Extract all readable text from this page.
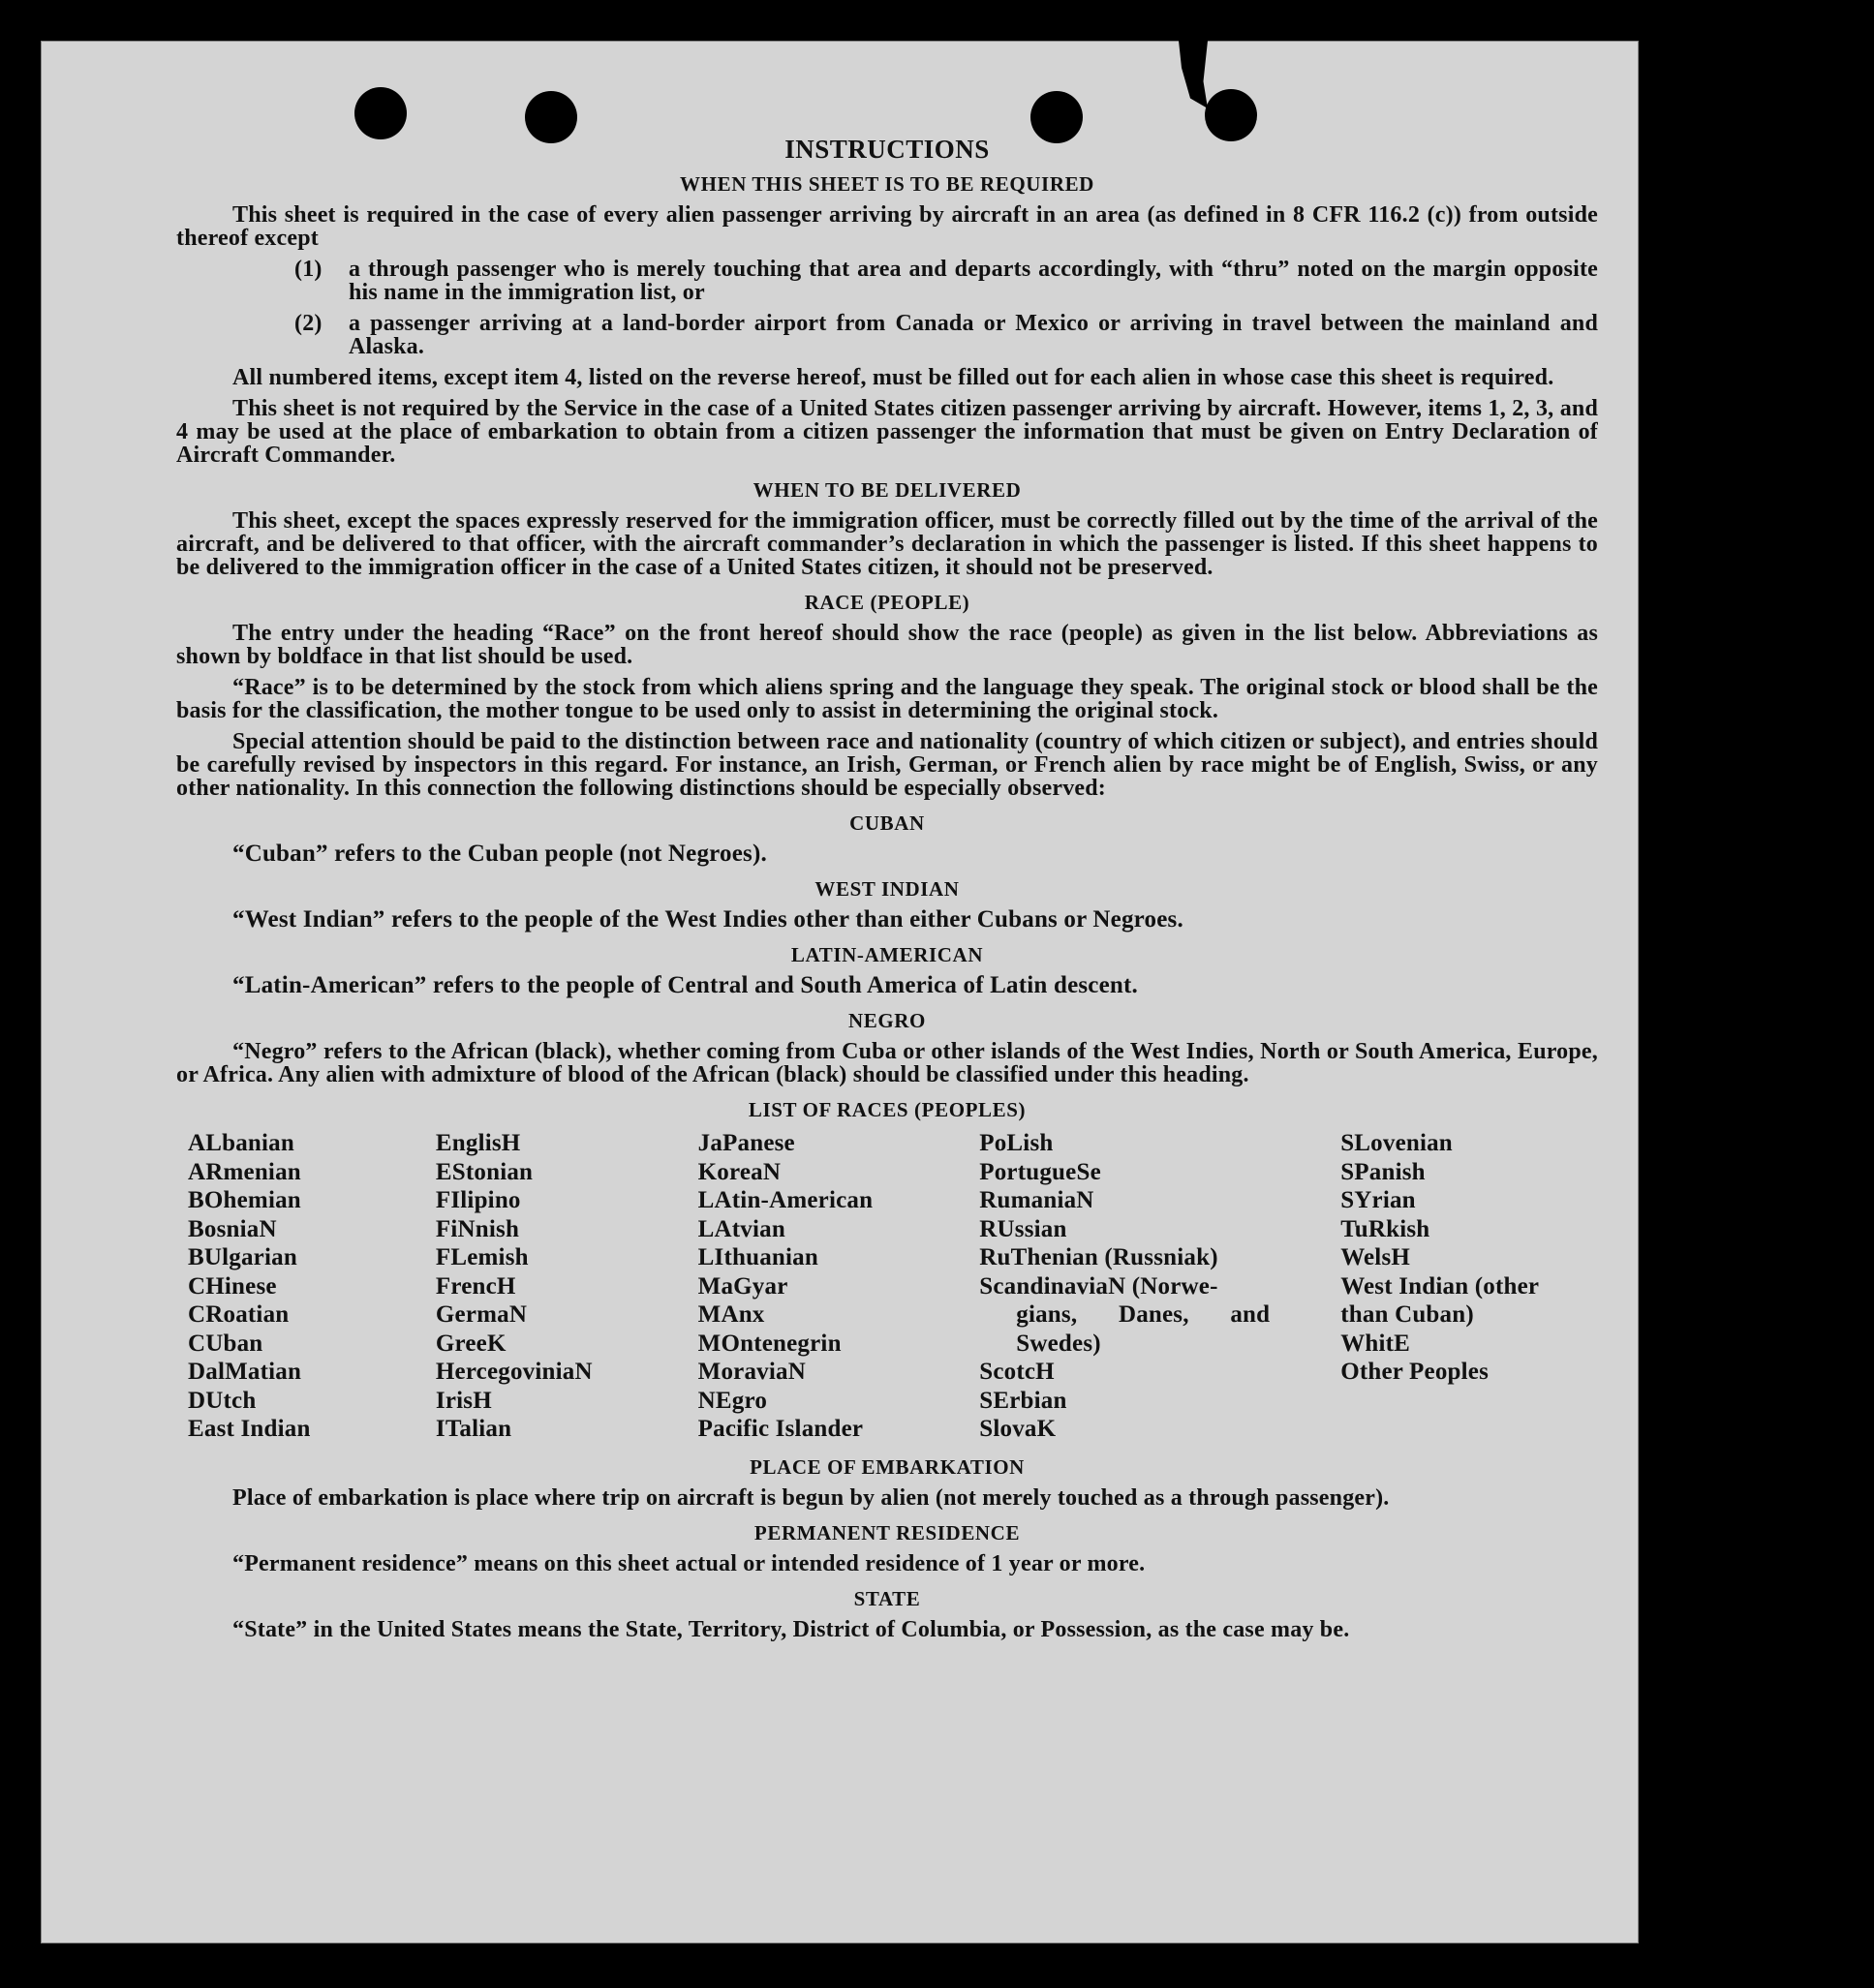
INSTRUCTIONS
WHEN THIS SHEET IS TO BE REQUIRED

This sheet is required in the case of every alien passenger arriving by aircraft in an area (as defined in 8 CFR 116.2 (c)) from outside thereof except

(1)	a through passenger who is merely touching that area and departs accordingly, with “thru” noted on the margin opposite his name in the immigration list, or
(2)	a passenger arriving at a land-border airport from Canada or Mexico or arriving in travel between the mainland and Alaska.

All numbered items, except item 4, listed on the reverse hereof, must be filled out for each alien in whose case this sheet is required.

This sheet is not required by the Service in the case of a United States citizen passenger arriving by aircraft. However, items 1, 2, 3, and 4 may be used at the place of embarkation to obtain from a citizen passenger the information that must be given on Entry Declaration of Aircraft Commander.

WHEN TO BE DELIVERED

This sheet, except the spaces expressly reserved for the immigration officer, must be correctly filled out by the time of the arrival of the aircraft, and be delivered to that officer, with the aircraft commander’s declaration in which the passenger is listed. If this sheet happens to be delivered to the immigration officer in the case of a United States citizen, it should not be preserved.

RACE (PEOPLE)

The entry under the heading “Race” on the front hereof should show the race (people) as given in the list below. Abbreviations as shown by boldface in that list should be used.

“Race” is to be determined by the stock from which aliens spring and the language they speak. The original stock or blood shall be the basis for the classification, the mother tongue to be used only to assist in determining the original stock.

Special attention should be paid to the distinction between race and nationality (country of which citizen or subject), and entries should be carefully revised by inspectors in this regard. For instance, an Irish, German, or French alien by race might be of English, Swiss, or any other nationality. In this connection the following distinctions should be especially observed:

CUBAN
“Cuban” refers to the Cuban people (not Negroes).
WEST INDIAN
“West Indian” refers to the people of the West Indies other than either Cubans or Negroes.
LATIN-AMERICAN
“Latin-American” refers to the people of Central and South America of Latin descent.
NEGRO

“Negro” refers to the African (black), whether coming from Cuba or other islands of the West Indies, North or South America, Europe, or Africa. Any alien with admixture of blood of the African (black) should be classified under this heading.

LIST OF RACES (PEOPLES)
ALbanian
ARmenian
BOhemian
BosniaN
BUlgarian
CHinese
CRoatian
CUban
DalMatian
DUtch
East Indian
EnglisH
EStonian
FIlipino
FiNnish
FLemish
FrencH
GermaN
GreeK
HercegoviniaN
IrisH
ITalian
JaPanese
KoreaN
LAtin-American
LAtvian
LIthuanian
MaGyar
MAnx
MOntenegrin
MoraviaN
NEgro
Pacific Islander
PoLish
PortugueSe
RumaniaN
RUssian
RuThenian (Russniak)
ScandinaviaN (Norwe-
gians, Danes, and
Swedes)
ScotcH
SErbian
SlovaK
SLovenian
SPanish
SYrian
TuRkish
WelsH
West Indian (other
than Cuban)
WhitE
Other Peoples
PLACE OF EMBARKATION

Place of embarkation is place where trip on aircraft is begun by alien (not merely touched as a through passenger).

PERMANENT RESIDENCE

“Permanent residence” means on this sheet actual or intended residence of 1 year or more.

STATE

“State” in the United States means the State, Territory, District of Columbia, or Possession, as the case may be.
